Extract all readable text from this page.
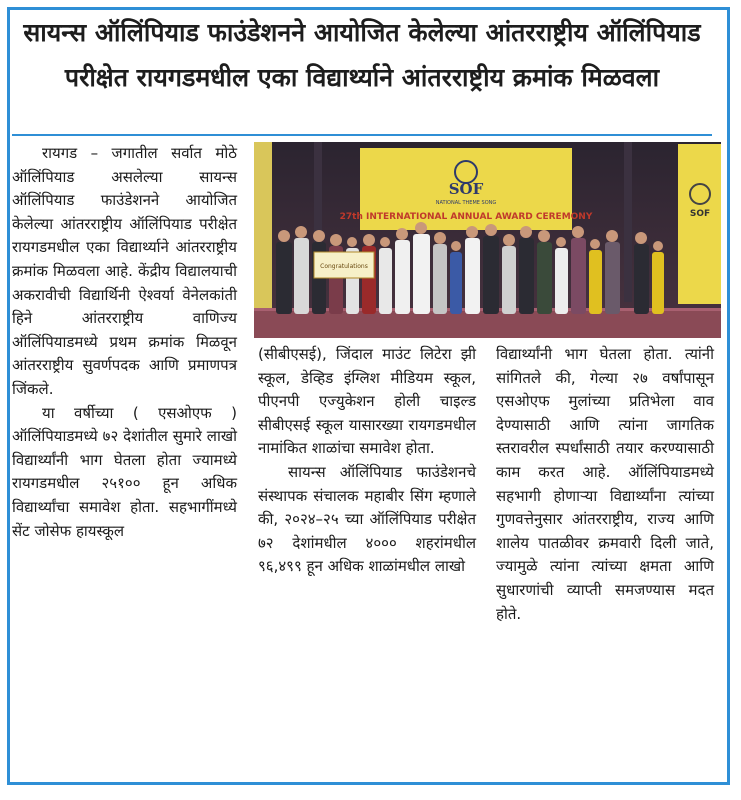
सायन्स ऑलिंपियाड फाउंडेशनने आयोजित केलेल्या आंतरराष्ट्रीय ऑलिंपियाड
परीक्षेत रायगडमधील एका विद्यार्थ्याने आंतरराष्ट्रीय क्रमांक मिळवला

रायगड – जगातील सर्वात मोठे ऑलिंपियाड असलेल्या सायन्स ऑलिंपियाड फाउंडेशनने आयोजित केलेल्या आंतरराष्ट्रीय ऑलिंपियाड परीक्षेत रायगडमधील एका विद्यार्थ्याने आंतरराष्ट्रीय क्रमांक मिळवला आहे. केंद्रीय विद्यालयाची अकरावीची विद्यार्थिनी ऐश्वर्या वेनेलकांती हिने आंतरराष्ट्रीय वाणिज्य ऑलिंपियाडमध्ये प्रथम क्रमांक मिळवून आंतरराष्ट्रीय सुवर्णपदक आणि प्रमाणपत्र जिंकले.

या वर्षीच्या ( एसओएफ ) ऑलिंपियाडमध्ये ७२ देशांतील सुमारे लाखो विद्यार्थ्यांनी भाग घेतला होता ज्यामध्ये रायगडमधील २५१०० हून अधिक विद्यार्थ्यांचा समावेश होता. सहभागींमध्ये सेंट जोसेफ हायस्कूल

SOF
SOF
NATIONAL THEME SONG
27th INTERNATIONAL ANNUAL AWARD CEREMONY
Congratulations

(सीबीएसई), जिंदाल माउंट लिटेरा झी स्कूल, डेव्हिड इंग्लिश मीडियम स्कूल, पीएनपी एज्युकेशन होली चाइल्ड सीबीएसई स्कूल यासारख्या रायगडमधील नामांकित शाळांचा समावेश होता.

सायन्स ऑलिंपियाड फाउंडेशनचे संस्थापक संचालक महाबीर सिंग म्हणाले की, २०२४–२५ च्या ऑलिंपियाड परीक्षेत ७२ देशांमधील ४००० शहरांमधील ९६,४९९ हून अधिक शाळांमधील लाखो

विद्यार्थ्यांनी भाग घेतला होता. त्यांनी सांगितले की, गेल्या २७ वर्षांपासून एसओएफ मुलांच्या प्रतिभेला वाव देण्यासाठी आणि त्यांना जागतिक स्तरावरील स्पर्धांसाठी तयार करण्यासाठी काम करत आहे. ऑलिंपियाडमध्ये सहभागी होणाऱ्या विद्यार्थ्यांना त्यांच्या गुणवत्तेनुसार आंतरराष्ट्रीय, राज्य आणि शालेय पातळीवर क्रमवारी दिली जाते, ज्यामुळे त्यांना त्यांच्या क्षमता आणि सुधारणांची व्याप्ती समजण्यास मदत होते.
